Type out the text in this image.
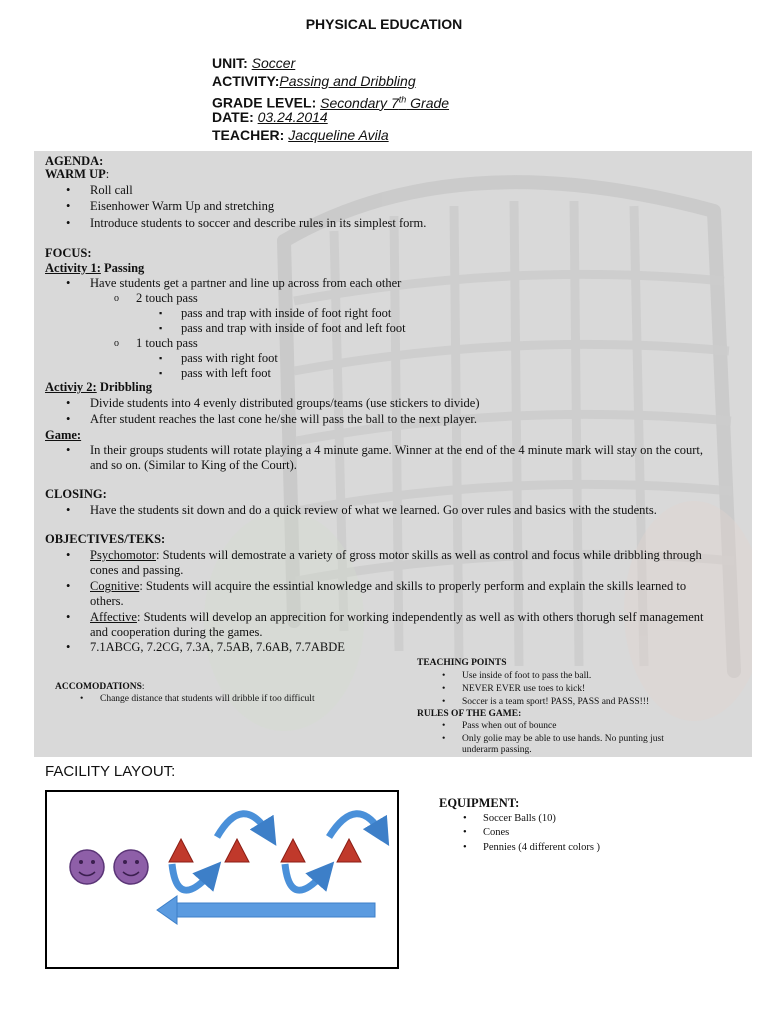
PHYSICAL EDUCATION
UNIT: Soccer
ACTIVITY:Passing and Dribbling
GRADE LEVEL: Secondary 7th Grade
DATE: 03.24.2014
TEACHER: Jacqueline Avila
AGENDA:
WARM UP:
• Roll call
• Eisenhower Warm Up and stretching
• Introduce students to soccer and describe rules in its simplest form.
FOCUS:
Activity 1: Passing
• Have students get a partner and line up across from each other
o 2 touch pass
▪ pass and trap with inside of foot right foot
▪ pass and trap with inside of foot and left foot
o 1 touch pass
▪ pass with right foot
▪ pass with left foot
Activiy 2: Dribbling
• Divide students into 4 evenly distributed groups/teams (use stickers to divide)
• After student reaches the last cone he/she will pass the ball to the next player.
Game:
• In their groups students will rotate playing a 4 minute game. Winner at the end of the 4 minute mark will stay on the court,
and so on. (Similar to King of the Court).
CLOSING:
• Have the students sit down and do a quick review of what we learned. Go over rules and basics with the students.
OBJECTIVES/TEKS:
• Psychomotor: Students will demostrate a variety of gross motor skills as well as control and focus while dribbling through
cones and passing.
• Cognitive: Students will acquire the essintial knowledge and skills to properly perform and explain the skills learned to
others.
• Affective: Students will develop an apprecition for working independently as well as with others thorugh self management
and cooperation during the games.
• 7.1ABCG, 7.2CG, 7.3A, 7.5AB, 7.6AB, 7.7ABDE
ACCOMODATIONS:
• Change distance that students will dribble if too difficult
TEACHING POINTS
• Use inside of foot to pass the ball.
• NEVER EVER use toes to kick!
• Soccer is a team sport! PASS, PASS and PASS!!!
RULES OF THE GAME:
• Pass when out of bounce
• Only golie may be able to use hands. No punting just
underarm passing.
FACILITY LAYOUT:
EQUIPMENT:
• Soccer Balls (10)
• Cones
• Pennies (4 different colors )
